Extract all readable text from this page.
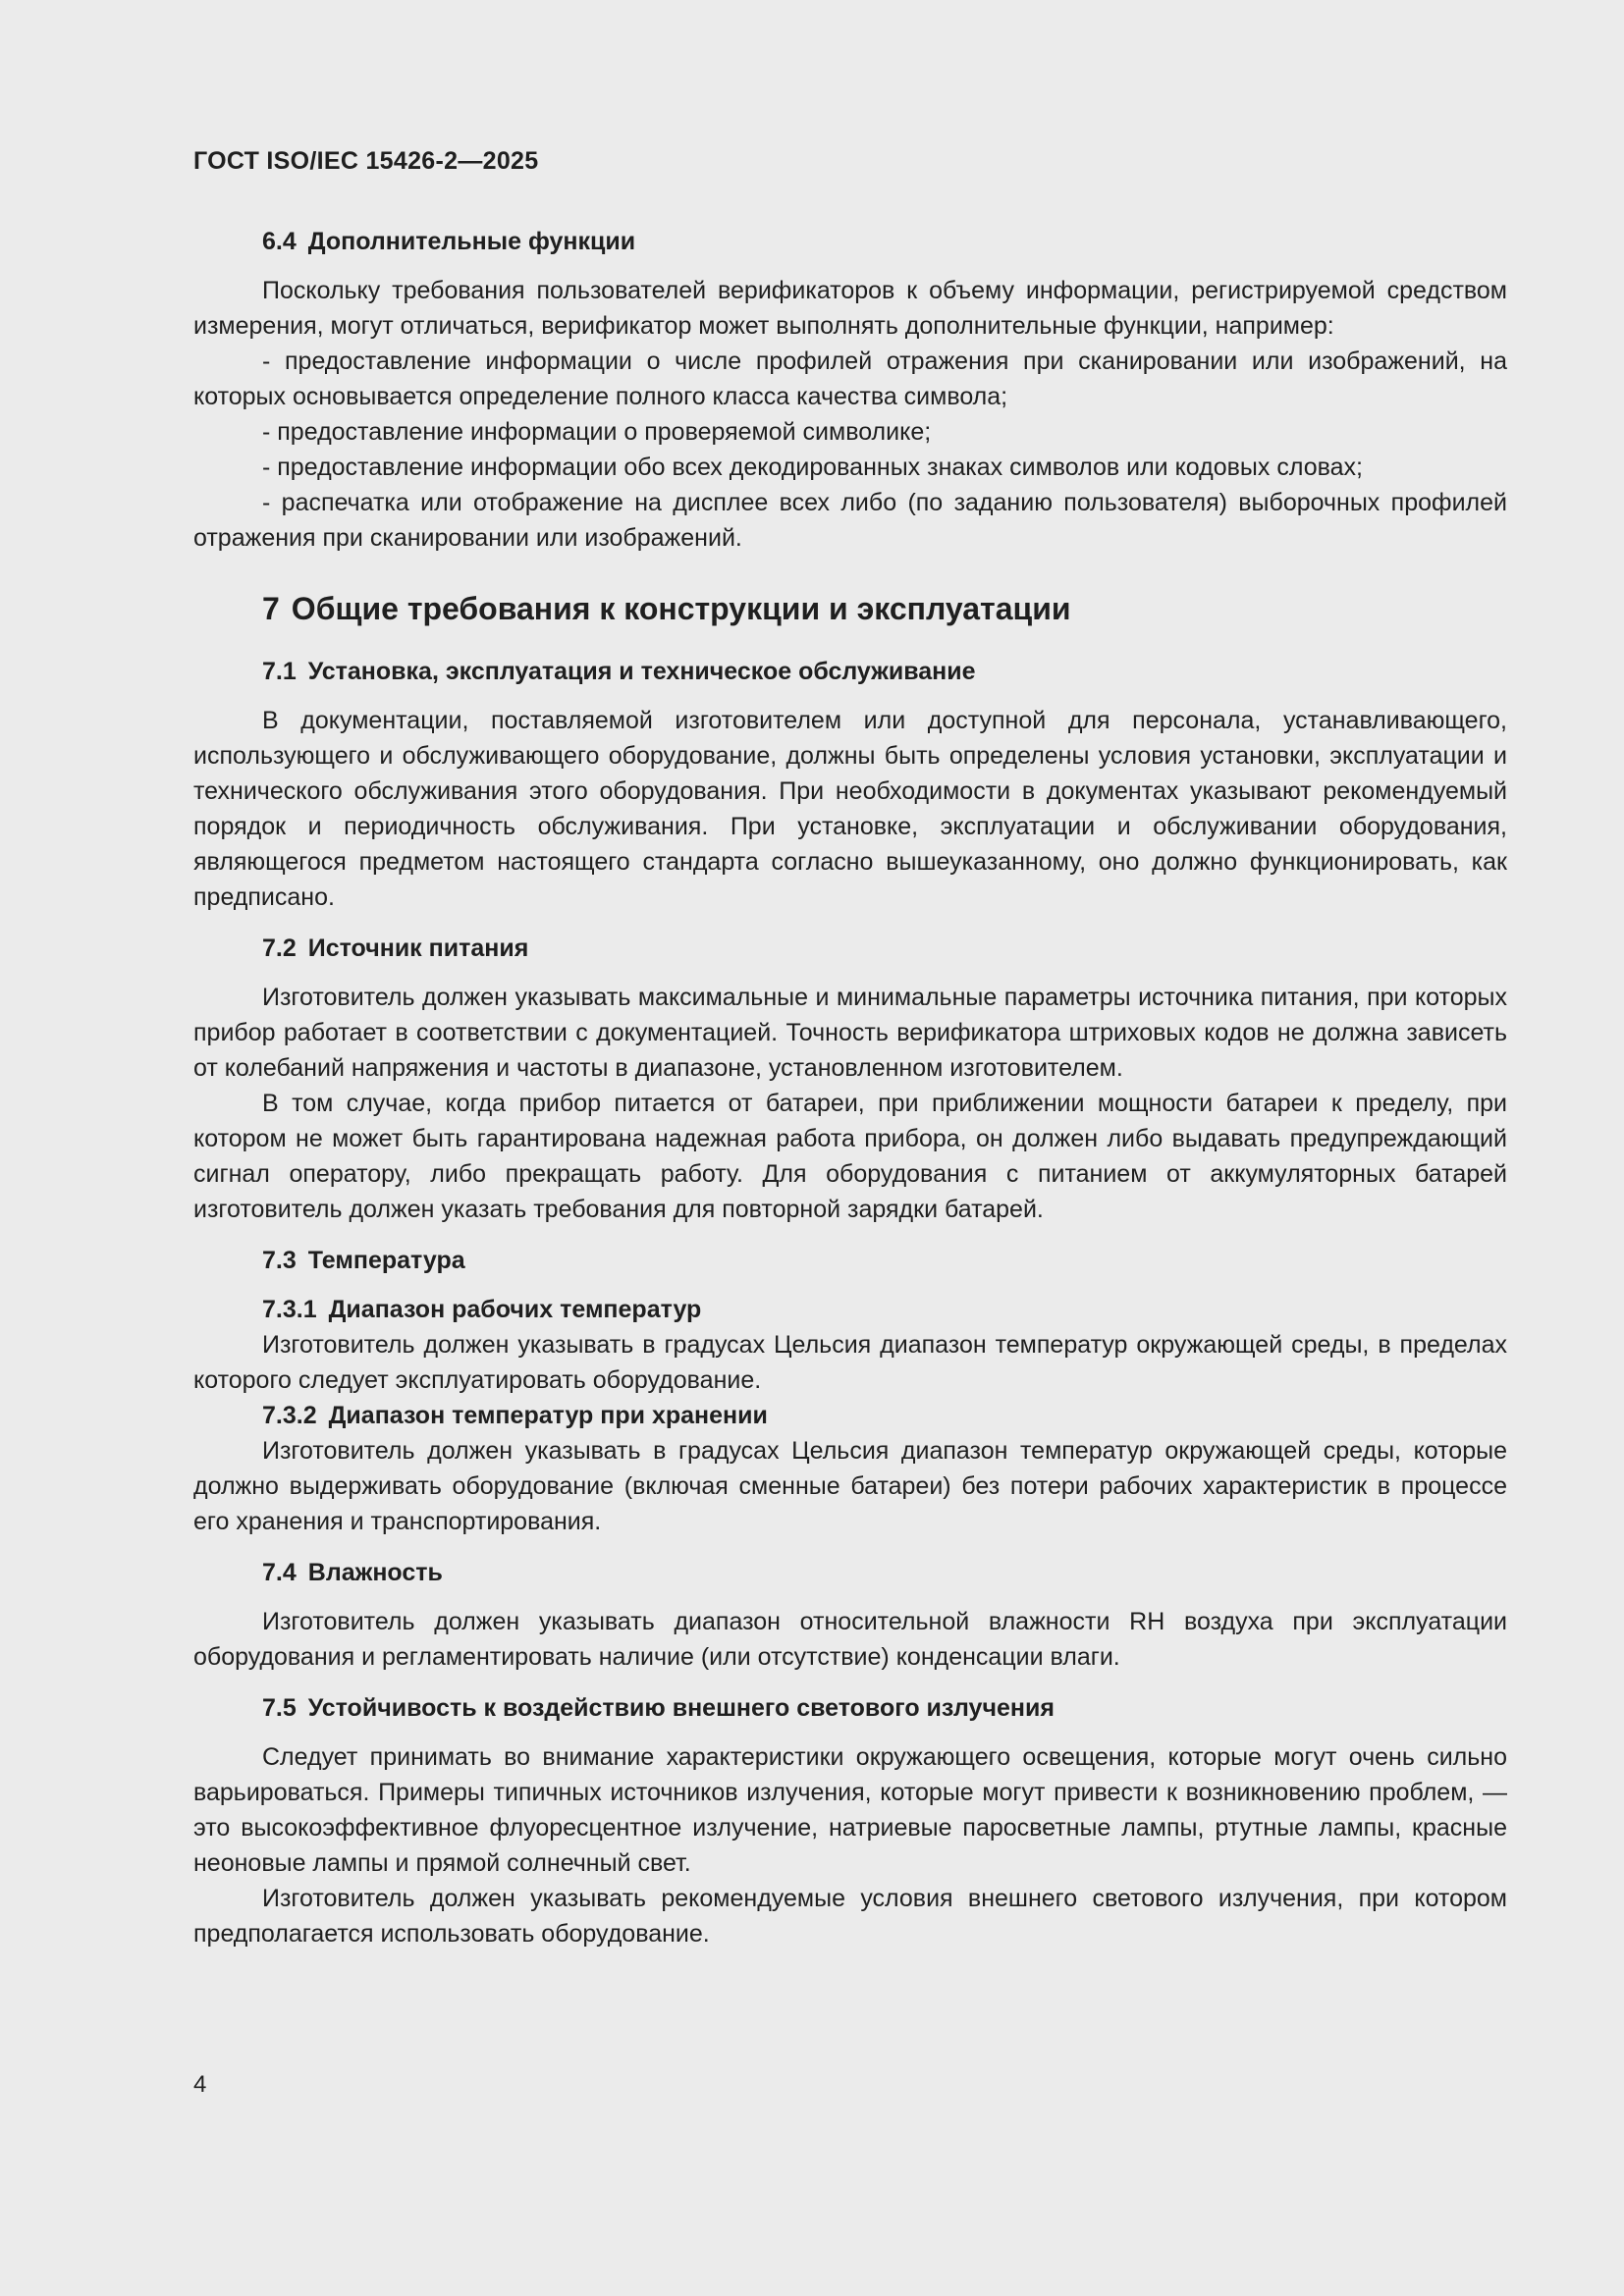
ГОСТ ISO/IEC 15426-2—2025

6.4 Дополнительные функции

Поскольку требования пользователей верификаторов к объему информации, регистрируемой средством измерения, могут отличаться, верификатор может выполнять дополнительные функции, например:

- предоставление информации о числе профилей отражения при сканировании или изображений, на которых основывается определение полного класса качества символа;

- предоставление информации о проверяемой символике;

- предоставление информации обо всех декодированных знаках символов или кодовых словах;

- распечатка или отображение на дисплее всех либо (по заданию пользователя) выборочных профилей отражения при сканировании или изображений.

7 Общие требования к конструкции и эксплуатации
7.1 Установка, эксплуатация и техническое обслуживание

В документации, поставляемой изготовителем или доступной для персонала, устанавливающего, использующего и обслуживающего оборудование, должны быть определены условия установки, эксплуатации и технического обслуживания этого оборудования. При необходимости в документах указывают рекомендуемый порядок и периодичность обслуживания. При установке, эксплуатации и обслуживании оборудования, являющегося предметом настоящего стандарта согласно вышеуказанному, оно должно функционировать, как предписано.

7.2 Источник питания

Изготовитель должен указывать максимальные и минимальные параметры источника питания, при которых прибор работает в соответствии с документацией. Точность верификатора штриховых кодов не должна зависеть от колебаний напряжения и частоты в диапазоне, установленном изготовителем.

В том случае, когда прибор питается от батареи, при приближении мощности батареи к пределу, при котором не может быть гарантирована надежная работа прибора, он должен либо выдавать предупреждающий сигнал оператору, либо прекращать работу. Для оборудования с питанием от аккумуляторных батарей изготовитель должен указать требования для повторной зарядки батарей.

7.3 Температура
7.3.1 Диапазон рабочих температур

Изготовитель должен указывать в градусах Цельсия диапазон температур окружающей среды, в пределах которого следует эксплуатировать оборудование.

7.3.2 Диапазон температур при хранении

Изготовитель должен указывать в градусах Цельсия диапазон температур окружающей среды, которые должно выдерживать оборудование (включая сменные батареи) без потери рабочих характеристик в процессе его хранения и транспортирования.

7.4 Влажность

Изготовитель должен указывать диапазон относительной влажности RH воздуха при эксплуатации оборудования и регламентировать наличие (или отсутствие) конденсации влаги.

7.5 Устойчивость к воздействию внешнего светового излучения

Следует принимать во внимание характеристики окружающего освещения, которые могут очень сильно варьироваться. Примеры типичных источников излучения, которые могут привести к возникновению проблем, — это высокоэффективное флуоресцентное излучение, натриевые паросветные лампы, ртутные лампы, красные неоновые лампы и прямой солнечный свет.

Изготовитель должен указывать рекомендуемые условия внешнего светового излучения, при котором предполагается использовать оборудование.

4
